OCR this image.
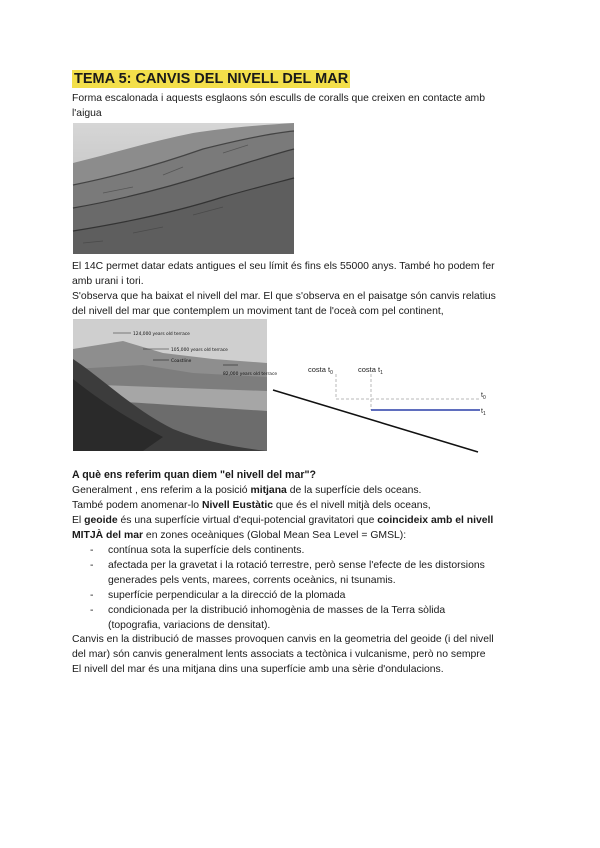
TEMA 5: CANVIS DEL NIVELL DEL MAR
Forma escalonada i aquests esglaons són esculls de coralls que creixen en contacte amb
l'aigua
El 14C permet datar edats antigues el seu límit és fins els 55000 anys. També ho podem fer
amb urani i tori.
S'observa que ha baixat el nivell del mar. El que s'observa en el paisatge són canvis relatius
del nivell del mar que contemplem un moviment tant de l'oceà com pel continent,
124,000 years old terrace
105,000 years old terrace
Coastline
82,000 years old terrace
costa $t_0$	costa $t_1$
$t_0$
$t_1$
A què ens referim quan diem "el nivell del mar"?
Generalment , ens referim a la posició mitjana de la superfície dels oceans.
També podem anomenar-lo Nivell Eustàtic que és el nivell mitjà dels oceans,
El geoide és una superfície virtual d'equi-potencial gravitatori que coincideix amb el nivell
MITJÀ del mar en zones oceàniques (Global Mean Sea Level = GMSL):
- contínua sota la superfície dels continents.
- afectada per la gravetat i la rotació terrestre, però sense l'efecte de les distorsions
generades pels vents, marees, corrents oceànics, ni tsunamis.
- superfície perpendicular a la direcció de la plomada
- condicionada per la distribució inhomogènia de masses de la Terra sòlida
(topografia, variacions de densitat).
Canvis en la distribució de masses provoquen canvis en la geometria del geoide (i del nivell
del mar) són canvis generalment lents associats a tectònica i vulcanisme, però no sempre
El nivell del mar és una mitjana dins una superfície amb una sèrie d'ondulacions.
